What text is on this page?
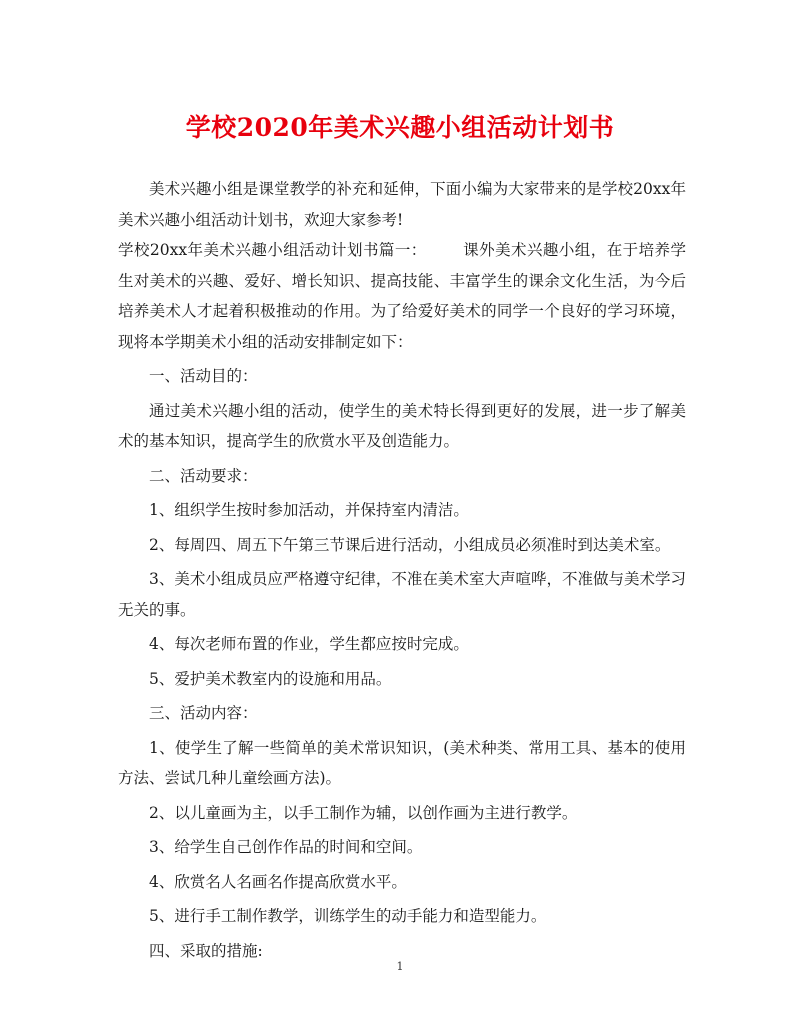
学校2020年美术兴趣小组活动计划书

美术兴趣小组是课堂教学的补充和延伸，下面小编为大家带来的是学校20xx年美术兴趣小组活动计划书，欢迎大家参考!

学校20xx年美术兴趣小组活动计划书篇一： 课外美术兴趣小组，在于培养学生对美术的兴趣、爱好、增长知识、提高技能、丰富学生的课余文化生活，为今后培养美术人才起着积极推动的作用。为了给爱好美术的同学一个良好的学习环境，现将本学期美术小组的活动安排制定如下：

一、活动目的：

通过美术兴趣小组的活动，使学生的美术特长得到更好的发展，进一步了解美术的基本知识，提高学生的欣赏水平及创造能力。

二、活动要求：

1、组织学生按时参加活动，并保持室内清洁。

2、每周四、周五下午第三节课后进行活动，小组成员必须准时到达美术室。

3、美术小组成员应严格遵守纪律，不准在美术室大声喧哗，不准做与美术学习无关的事。

4、每次老师布置的作业，学生都应按时完成。

5、爱护美术教室内的设施和用品。

三、活动内容：

1、使学生了解一些简单的美术常识知识，(美术种类、常用工具、基本的使用方法、尝试几种儿童绘画方法)。

2、以儿童画为主，以手工制作为辅，以创作画为主进行教学。

3、给学生自己创作作品的时间和空间。

4、欣赏名人名画名作提高欣赏水平。

5、进行手工制作教学，训练学生的动手能力和造型能力。

四、采取的措施:

1
